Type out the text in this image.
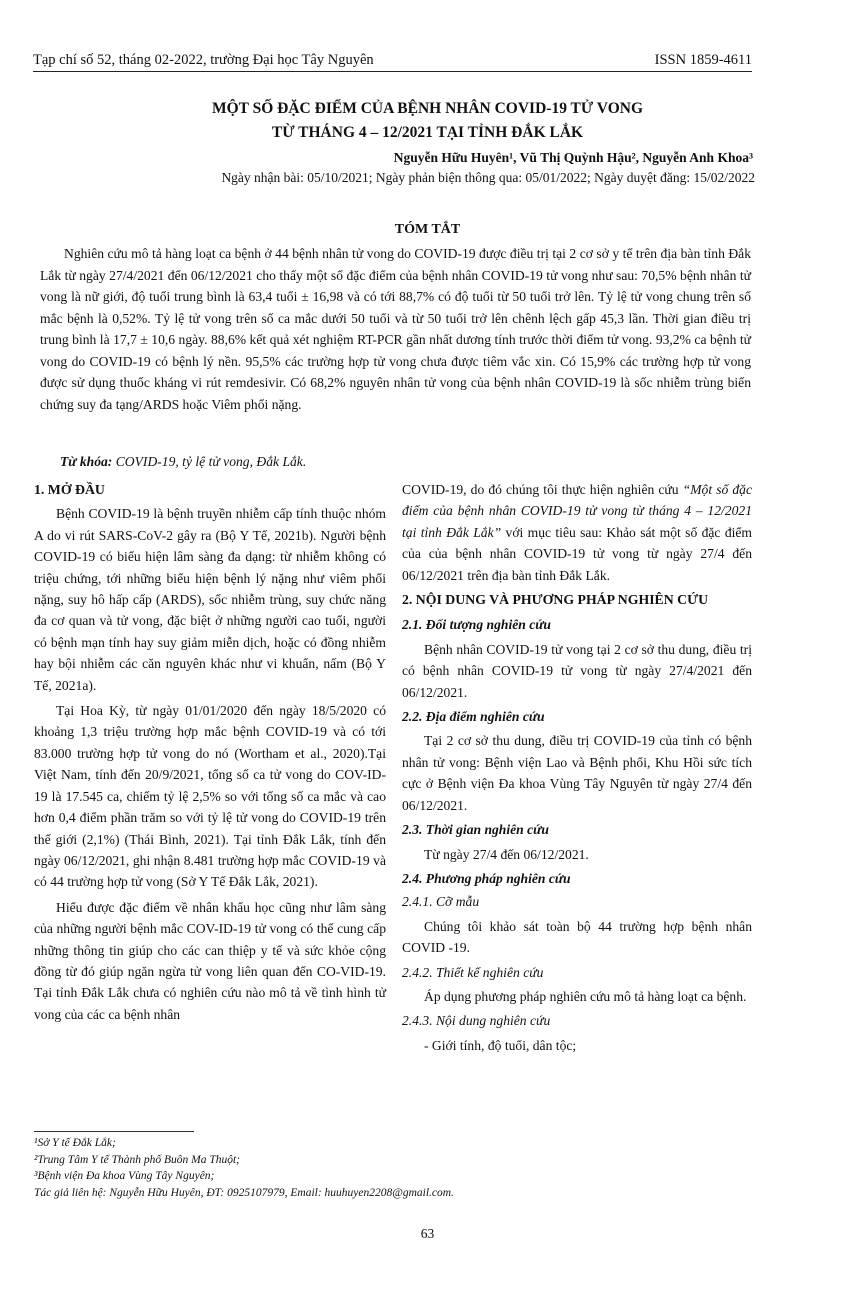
Tạp chí số 52, tháng 02-2022, trường Đại học Tây Nguyên	ISSN 1859-4611
MỘT SỐ ĐẶC ĐIỂM CỦA BỆNH NHÂN COVID-19 TỬ VONG
TỪ THÁNG 4 – 12/2021 TẠI TỈNH ĐẮK LẮK
Nguyễn Hữu Huyên¹, Vũ Thị Quỳnh Hậu², Nguyễn Anh Khoa³
Ngày nhận bài: 05/10/2021; Ngày phản biện thông qua: 05/01/2022; Ngày duyệt đăng: 15/02/2022
TÓM TẮT

Nghiên cứu mô tả hàng loạt ca bệnh ở 44 bệnh nhân tử vong do COVID-19 được điều trị tại 2 cơ sở y tế trên địa bàn tỉnh Đắk Lắk từ ngày 27/4/2021 đến 06/12/2021 cho thấy một số đặc điểm của bệnh nhân COVID-19 tử vong như sau: 70,5% bệnh nhân tử vong là nữ giới, độ tuổi trung bình là 63,4 tuổi ± 16,98 và có tới 88,7% có độ tuổi từ 50 tuổi trở lên. Tỷ lệ tử vong chung trên số mắc bệnh là 0,52%. Tỷ lệ tử vong trên số ca mắc dưới 50 tuổi và từ 50 tuổi trở lên chênh lệch gấp 45,3 lần. Thời gian điều trị trung bình là 17,7 ± 10,6 ngày. 88,6% kết quả xét nghiệm RT-PCR gần nhất dương tính trước thời điểm tử vong. 93,2% ca bệnh tử vong do COVID-19 có bệnh lý nền. 95,5% các trường hợp tử vong chưa được tiêm vắc xin. Có 15,9% các trường hợp tử vong được sử dụng thuốc kháng vi rút remdesivir. Có 68,2% nguyên nhân tử vong của bệnh nhân COVID-19 là sốc nhiễm trùng biến chứng suy đa tạng/ARDS hoặc Viêm phổi nặng.

Từ khóa: COVID-19, tỷ lệ tử vong, Đắk Lắk.

1. MỞ ĐẦU

Bệnh COVID-19 là bệnh truyền nhiễm cấp tính thuộc nhóm A do vi rút SARS-CoV-2 gây ra (Bộ Y Tế, 2021b). Người bệnh COVID-19 có biểu hiện lâm sàng đa dạng: từ nhiễm không có triệu chứng, tới những biểu hiện bệnh lý nặng như viêm phổi nặng, suy hô hấp cấp (ARDS), sốc nhiễm trùng, suy chức năng đa cơ quan và tử vong, đặc biệt ở những người cao tuổi, người có bệnh mạn tính hay suy giảm miễn dịch, hoặc có đồng nhiễm hay bội nhiễm các căn nguyên khác như vi khuẩn, nấm (Bộ Y Tế, 2021a).

Tại Hoa Kỳ, từ ngày 01/01/2020 đến ngày 18/5/2020 có khoảng 1,3 triệu trường hợp mắc bệnh COVID-19 và có tới 83.000 trường hợp tử vong do nó (Wortham et al., 2020).Tại Việt Nam, tính đến 20/9/2021, tổng số ca tử vong do COV-ID-19 là 17.545 ca, chiếm tỷ lệ 2,5% so với tổng số ca mắc và cao hơn 0,4 điểm phần trăm so với tỷ lệ tử vong do COVID-19 trên thế giới (2,1%) (Thái Bình, 2021). Tại tỉnh Đắk Lắk, tính đến ngày 06/12/2021, ghi nhận 8.481 trường hợp mắc COVID-19 và có 44 trường hợp tử vong (Sở Y Tế Đắk Lắk, 2021).

Hiểu được đặc điểm về nhân khẩu học cũng như lâm sàng của những người bệnh mắc COV-ID-19 tử vong có thể cung cấp những thông tin giúp cho các can thiệp y tế và sức khỏe cộng đồng từ đó giúp ngăn ngừa tử vong liên quan đến CO-VID-19. Tại tỉnh Đắk Lắk chưa có nghiên cứu nào mô tả về tình hình tử vong của các ca bệnh nhân

COVID-19, do đó chúng tôi thực hiện nghiên cứu “Một số đặc điểm của bệnh nhân COVID-19 tử vong từ tháng 4 – 12/2021 tại tỉnh Đắk Lắk” với mục tiêu sau: Khảo sát một số đặc điểm của của bệnh nhân COVID-19 tử vong từ ngày 27/4 đến 06/12/2021 trên địa bàn tỉnh Đắk Lắk.

2. NỘI DUNG VÀ PHƯƠNG PHÁP NGHIÊN CỨU

2.1. Đối tượng nghiên cứu

Bệnh nhân COVID-19 tử vong tại 2 cơ sở thu dung, điều trị có bệnh nhân COVID-19 tử vong từ ngày 27/4/2021 đến 06/12/2021.

2.2. Địa điểm nghiên cứu

Tại 2 cơ sở thu dung, điều trị COVID-19 của tỉnh có bệnh nhân tử vong: Bệnh viện Lao và Bệnh phổi, Khu Hồi sức tích cực ở Bệnh viện Đa khoa Vùng Tây Nguyên từ ngày 27/4 đến 06/12/2021.

2.3. Thời gian nghiên cứu

Từ ngày 27/4 đến 06/12/2021.

2.4. Phương pháp nghiên cứu

2.4.1. Cỡ mẫu

Chúng tôi khảo sát toàn bộ 44 trường hợp bệnh nhân COVID -19.

2.4.2. Thiết kế nghiên cứu

Áp dụng phương pháp nghiên cứu mô tả hàng loạt ca bệnh.

2.4.3. Nội dung nghiên cứu

- Giới tính, độ tuổi, dân tộc;

¹Sở Y tế Đắk Lắk;
²Trung Tâm Y tế Thành phố Buôn Ma Thuột;
³Bệnh viện Đa khoa Vùng Tây Nguyên;
Tác giả liên hệ: Nguyễn Hữu Huyên, ĐT: 0925107979, Email: huuhuyen2208@gmail.com.
63
